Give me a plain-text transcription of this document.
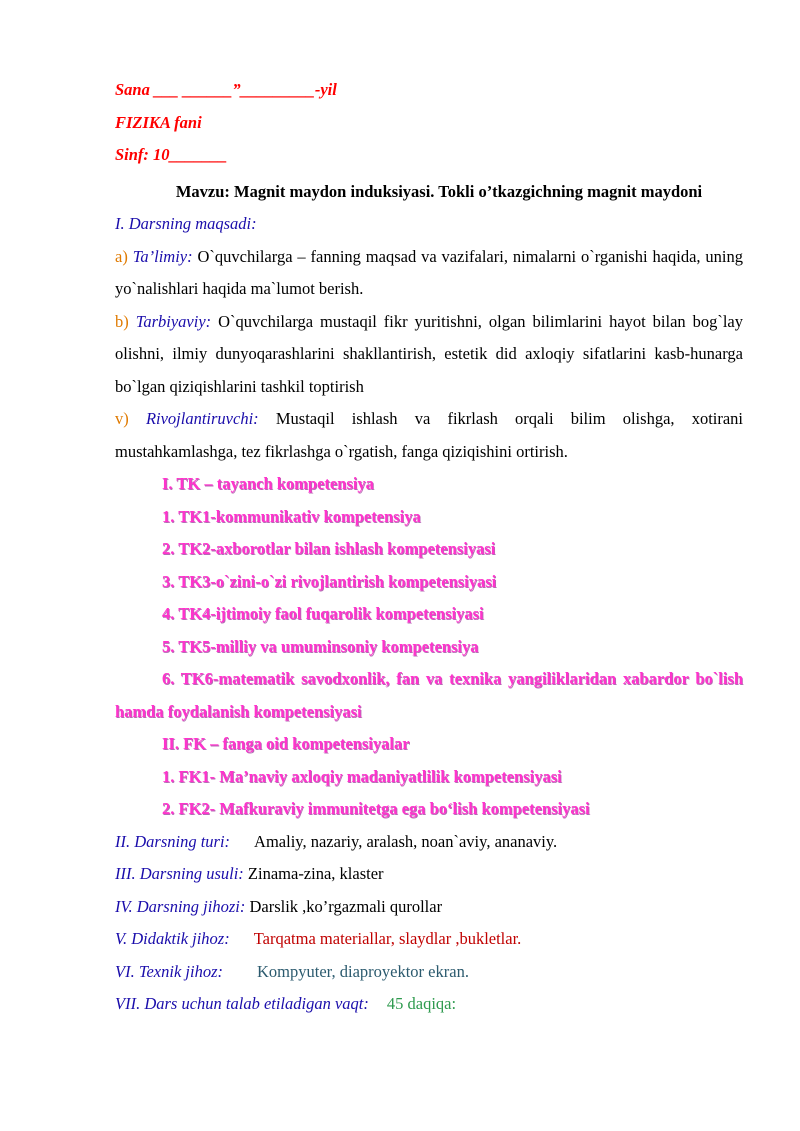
Sana ___ ______”_________-yil
FIZIKA fani
Sinf: 10_______
Mavzu: Magnit maydon induksiyasi. Tokli o’tkazgichning magnit maydoni
I. Darsning maqsadi:
a) Ta’limiy: O`quvchilarga – fanning maqsad va vazifalari, nimalarni o`rganishi haqida, uning yo`nalishlari haqida ma`lumot berish.
b) Tarbiyaviy: O`quvchilarga mustaqil fikr yuritishni, olgan bilimlarini hayot bilan bog`lay olishni, ilmiy dunyoqarashlarini shakllantirish, estetik did axloqiy sifatlarini kasb-hunarga bo`lgan qiziqishlarini tashkil toptirish
v) Rivojlantiruvchi: Mustaqil ishlash va fikrlash orqali bilim olishga, xotirani mustahkamlashga, tez fikrlashga o`rgatish, fanga qiziqishini ortirish.
I. TK – tayanch kompetensiya
1. TK1-kommunikativ kompetensiya
2. TK2-axborotlar bilan ishlash kompetensiyasi
3. TK3-o`zini-o`zi rivojlantirish kompetensiyasi
4. TK4-ijtimoiy faol fuqarolik kompetensiyasi
5. TK5-milliy va umuminsoniy kompetensiya
6. TK6-matematik savodxonlik, fan va texnika yangiliklaridan xabardor bo`lish hamda foydalanish kompetensiyasi
II. FK – fanga oid kompetensiyalar
1. FK1- Ma’naviy axloqiy madaniyatlilik kompetensiyasi
2. FK2- Mafkuraviy immunitetga ega bo‘lish kompetensiyasi
II. Darsning turi: Amaliy, nazariy, aralash, noan`aviy, ananaviy.
III. Darsning usuli: Zinama-zina, klaster
IV. Darsning jihozi: Darslik ,ko’rgazmali qurollar
V. Didaktik jihoz: Tarqatma materiallar, slaydlar ,bukletlar.
VI. Texnik jihoz: Kompyuter, diaproyektor ekran.
VII. Dars uchun talab etiladigan vaqt: 45 daqiqa:
